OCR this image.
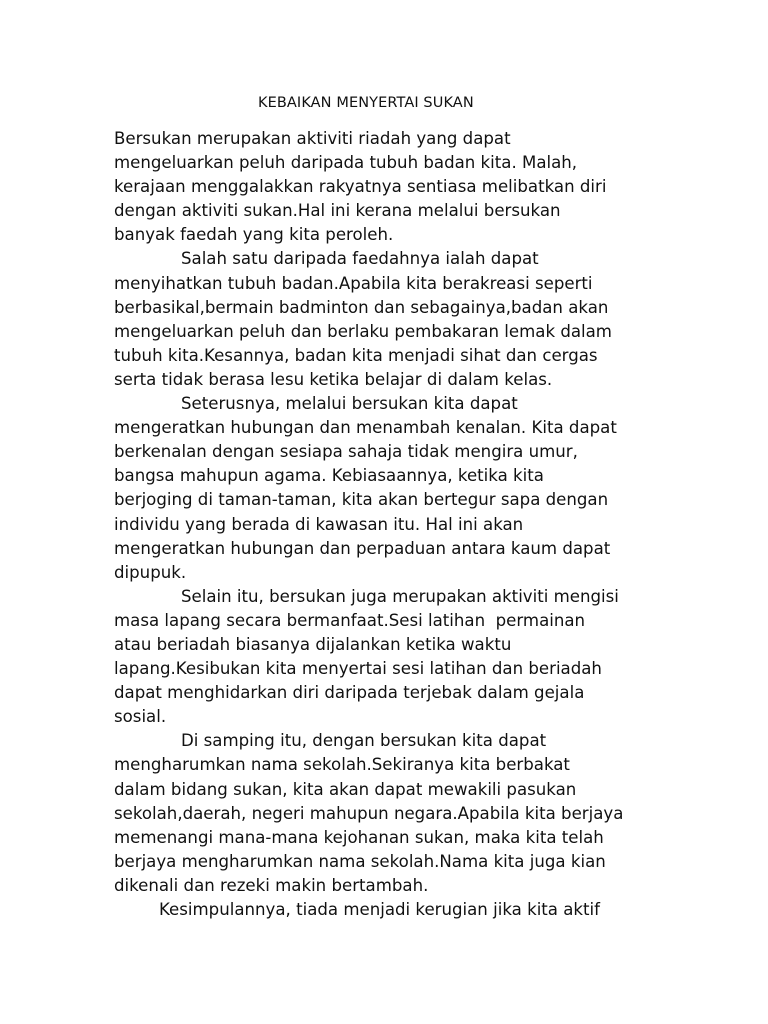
KEBAIKAN MENYERTAI SUKAN
Bersukan merupakan aktiviti riadah yang dapat
mengeluarkan peluh daripada tubuh badan kita. Malah,
kerajaan menggalakkan rakyatnya sentiasa melibatkan diri
dengan aktiviti sukan.Hal ini kerana melalui bersukan
banyak faedah yang kita peroleh.
Salah satu daripada faedahnya ialah dapat
menyihatkan tubuh badan.Apabila kita berakreasi seperti
berbasikal,bermain badminton dan sebagainya,badan akan
mengeluarkan peluh dan berlaku pembakaran lemak dalam
tubuh kita.Kesannya, badan kita menjadi sihat dan cergas
serta tidak berasa lesu ketika belajar di dalam kelas.
Seterusnya, melalui bersukan kita dapat
mengeratkan hubungan dan menambah kenalan. Kita dapat
berkenalan dengan sesiapa sahaja tidak mengira umur,
bangsa mahupun agama. Kebiasaannya, ketika kita
berjoging di taman-taman, kita akan bertegur sapa dengan
individu yang berada di kawasan itu. Hal ini akan
mengeratkan hubungan dan perpaduan antara kaum dapat
dipupuk.
Selain itu, bersukan juga merupakan aktiviti mengisi
masa lapang secara bermanfaat.Sesi latihan  permainan
atau beriadah biasanya dijalankan ketika waktu
lapang.Kesibukan kita menyertai sesi latihan dan beriadah
dapat menghidarkan diri daripada terjebak dalam gejala
sosial.
Di samping itu, dengan bersukan kita dapat
mengharumkan nama sekolah.Sekiranya kita berbakat
dalam bidang sukan, kita akan dapat mewakili pasukan
sekolah,daerah, negeri mahupun negara.Apabila kita berjaya
memenangi mana-mana kejohanan sukan, maka kita telah
berjaya mengharumkan nama sekolah.Nama kita juga kian
dikenali dan rezeki makin bertambah.
Kesimpulannya, tiada menjadi kerugian jika kita aktif
